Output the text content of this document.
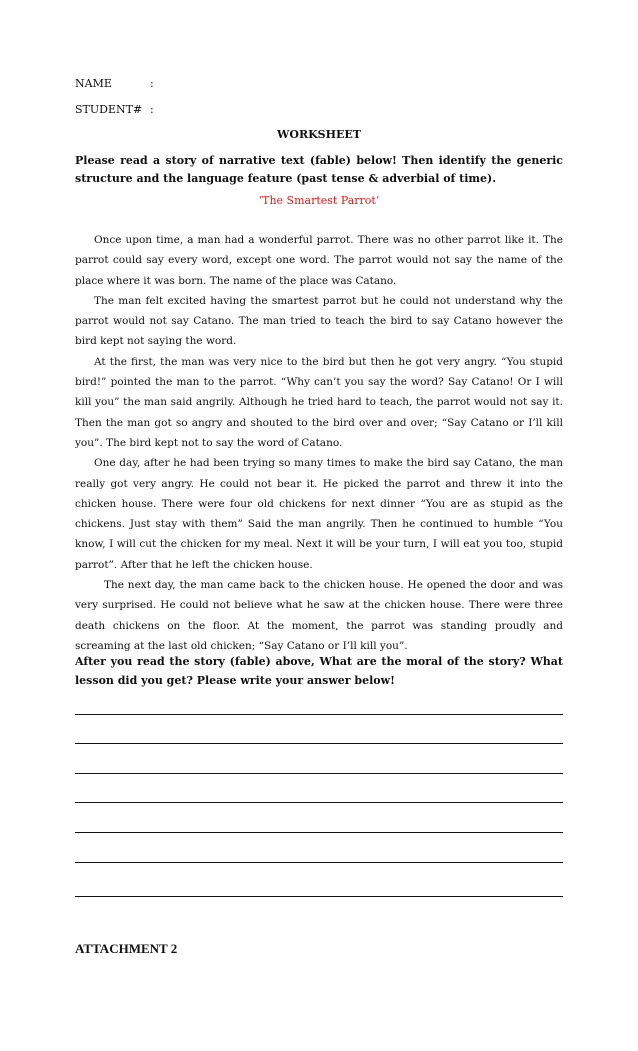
NAME	:
STUDENT# :
WORKSHEET
Please read a story of narrative text (fable) below! Then identify the generic structure and the language feature (past tense & adverbial of time).
‘The Smartest Parrot’

Once upon time, a man had a wonderful parrot. There was no other parrot like it. The parrot could say every word, except one word. The parrot would not say the name of the place where it was born. The name of the place was Catano.

The man felt excited having the smartest parrot but he could not understand why the parrot would not say Catano. The man tried to teach the bird to say Catano however the bird kept not saying the word.

At the first, the man was very nice to the bird but then he got very angry. “You stupid bird!” pointed the man to the parrot. “Why can’t you say the word? Say Catano! Or I will kill you” the man said angrily. Although he tried hard to teach, the parrot would not say it. Then the man got so angry and shouted to the bird over and over; “Say Catano or I’ll kill you”. The bird kept not to say the word of Catano.

One day, after he had been trying so many times to make the bird say Catano, the man really got very angry. He could not bear it. He picked the parrot and threw it into the chicken house. There were four old chickens for next dinner “You are as stupid as the chickens. Just stay with them” Said the man angrily. Then he continued to humble “You know, I will cut the chicken for my meal. Next it will be your turn, I will eat you too, stupid parrot”. After that he left the chicken house.

The next day, the man came back to the chicken house. He opened the door and was very surprised. He could not believe what he saw at the chicken house. There were three death chickens on the floor. At the moment, the parrot was standing proudly and screaming at the last old chicken; “Say Catano or I’ll kill you”.

After you read the story (fable) above, What are the moral of the story? What lesson did you get? Please write your answer below!
ATTACHMENT 2
